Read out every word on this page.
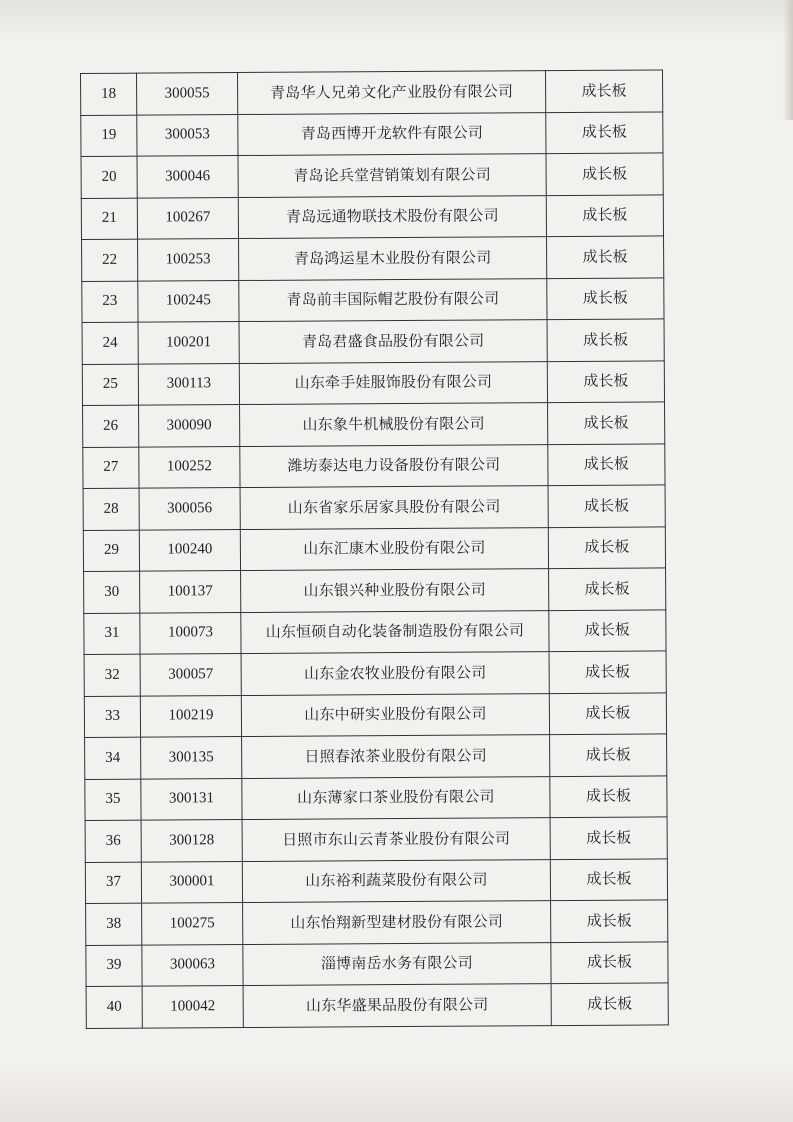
18	300055	青岛华人兄弟文化产业股份有限公司	成长板
19	300053	青岛西博开龙软件有限公司	成长板
20	300046	青岛论兵堂营销策划有限公司	成长板
21	100267	青岛远通物联技术股份有限公司	成长板
22	100253	青岛鸿运星木业股份有限公司	成长板
23	100245	青岛前丰国际帽艺股份有限公司	成长板
24	100201	青岛君盛食品股份有限公司	成长板
25	300113	山东牵手娃服饰股份有限公司	成长板
26	300090	山东象牛机械股份有限公司	成长板
27	100252	潍坊泰达电力设备股份有限公司	成长板
28	300056	山东省家乐居家具股份有限公司	成长板
29	100240	山东汇康木业股份有限公司	成长板
30	100137	山东银兴种业股份有限公司	成长板
31	100073	山东恒硕自动化装备制造股份有限公司	成长板
32	300057	山东金农牧业股份有限公司	成长板
33	100219	山东中研实业股份有限公司	成长板
34	300135	日照春浓茶业股份有限公司	成长板
35	300131	山东薄家口茶业股份有限公司	成长板
36	300128	日照市东山云青茶业股份有限公司	成长板
37	300001	山东裕利蔬菜股份有限公司	成长板
38	100275	山东怡翔新型建材股份有限公司	成长板
39	300063	淄博南岳水务有限公司	成长板
40	100042	山东华盛果品股份有限公司	成长板
